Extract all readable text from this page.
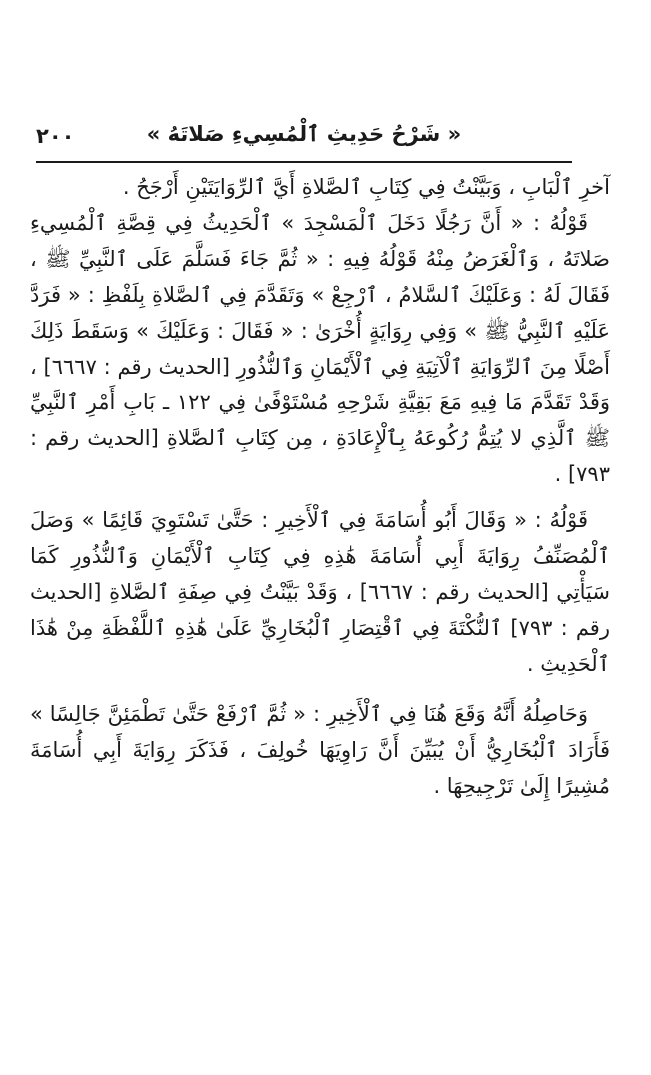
٢٠٠	« شَرْحُ حَدِيثِ ٱلْمُسِيءِ صَلاتَهُ »

آخرِ ٱلْبَابِ ، وَبَيَّنْتُ فِي كِتَابِ ٱلصَّلاةِ أَيَّ ٱلرِّوَايَتَيْنِ أَرْجَحُ .

قَوْلُهُ : « أَنَّ رَجُلًا دَخَلَ ٱلْمَسْجِدَ » ٱلْحَدِيثُ فِي قِصَّةِ ٱلْمُسِيءِ صَلاتَهُ ، وَٱلْغَرَضُ مِنْهُ قَوْلُهُ فِيهِ : « ثُمَّ جَاءَ فَسَلَّمَ عَلَى ٱلنَّبِيِّ ﷺ ، فَقَالَ لَهُ : وَعَلَيْكَ ٱلسَّلامُ ، ٱرْجِعْ » وَتَقَدَّمَ فِي ٱلصَّلاةِ بِلَفْظِ : « فَرَدَّ عَلَيْهِ ٱلنَّبِيُّ ﷺ » وَفِي رِوَايَةٍ أُخْرَىٰ : « فَقَالَ : وَعَلَيْكَ » وَسَقَطَ ذَلِكَ أَصْلًا مِنَ ٱلرِّوَايَةِ ٱلْآتِيَةِ فِي ٱلْأَيْمَانِ وَٱلنُّذُورِ [الحديث رقم : ٦٦٦٧] ، وَقَدْ تَقَدَّمَ مَا فِيهِ مَعَ بَقِيَّةِ شَرْحِهِ مُسْتَوْفًىٰ فِي ١٢٢ ـ بَابِ أَمْرِ ٱلنَّبِيِّ ﷺ ٱلَّذِي لا يُتِمُّ رُكُوعَهُ بِٱلْإِعَادَةِ ، مِن كِتَابِ ٱلصَّلاةِ [الحديث رقم : ٧٩٣] .

قَوْلُهُ : « وَقَالَ أَبُو أُسَامَةَ فِي ٱلْأَخِيرِ : حَتَّىٰ تَسْتَوِيَ قَائِمًا » وَصَلَ ٱلْمُصَنِّفُ رِوَايَةَ أَبِي أُسَامَةَ هَٰذِهِ فِي كِتَابِ ٱلْأَيْمَانِ وَٱلنُّذُورِ كَمَا سَيَأْتِي [الحديث رقم : ٦٦٦٧] ، وَقَدْ بَيَّنْتُ فِي صِفَةِ ٱلصَّلاةِ [الحديث رقم : ٧٩٣] ٱلنُّكْتَةَ فِي ٱقْتِصَارِ ٱلْبُخَارِيِّ عَلَىٰ هَٰذِهِ ٱللَّفْظَةِ مِنْ هَٰذَا ٱلْحَدِيثِ .

وَحَاصِلُهُ أَنَّهُ وَقَعَ هُنَا فِي ٱلْأَخِيرِ : « ثُمَّ ٱرْفَعْ حَتَّىٰ تَطْمَئِنَّ جَالِسًا » فَأَرَادَ ٱلْبُخَارِيُّ أَنْ يُبَيِّنَ أَنَّ رَاوِيَهَا خُولِفَ ، فَذَكَرَ رِوَايَةَ أَبِي أُسَامَةَ مُشِيرًا إِلَىٰ تَرْجِيحِهَا .
